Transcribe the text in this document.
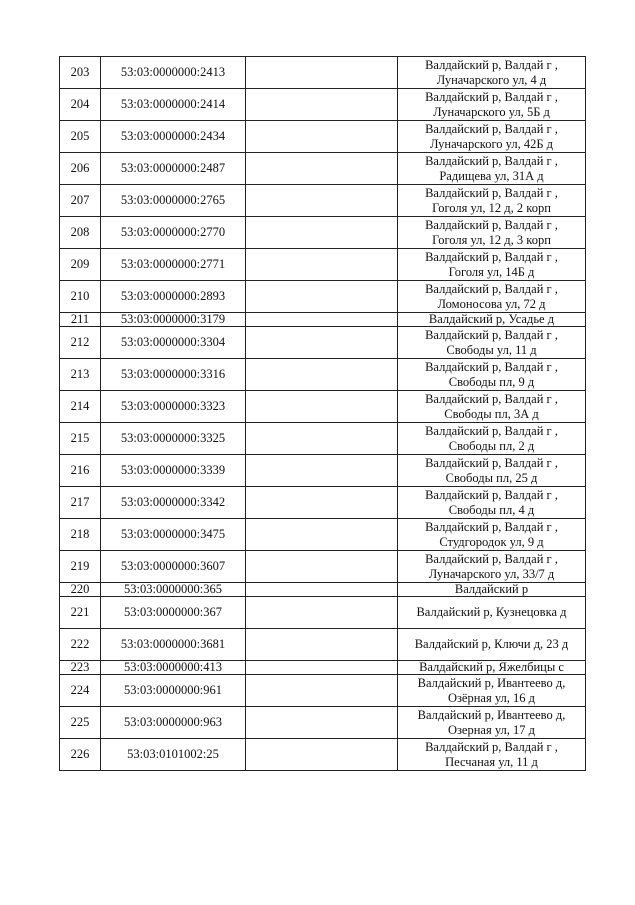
203	53:03:0000000:2413		Валдайский р, Валдай г ,
Луначарского ул, 4 д

204	53:03:0000000:2414		Валдайский р, Валдай г ,
Луначарского ул, 5Б д

205	53:03:0000000:2434		Валдайский р, Валдай г ,
Луначарского ул, 42Б д

206	53:03:0000000:2487		Валдайский р, Валдай г ,
Радищева ул, 31А д

207	53:03:0000000:2765		Валдайский р, Валдай г ,
Гоголя ул, 12 д, 2 корп

208	53:03:0000000:2770		Валдайский р, Валдай г ,
Гоголя ул, 12 д, 3 корп

209	53:03:0000000:2771		Валдайский р, Валдай г ,
Гоголя ул, 14Б д

210	53:03:0000000:2893		Валдайский р, Валдай г ,
Ломоносова ул, 72 д

211	53:03:0000000:3179		Валдайский р, Усадье д

212	53:03:0000000:3304		Валдайский р, Валдай г ,
Свободы ул, 11 д

213	53:03:0000000:3316		Валдайский р, Валдай г ,
Свободы пл, 9 д

214	53:03:0000000:3323		Валдайский р, Валдай г ,
Свободы пл, 3А д

215	53:03:0000000:3325		Валдайский р, Валдай г ,
Свободы пл, 2 д

216	53:03:0000000:3339		Валдайский р, Валдай г ,
Свободы пл, 25 д

217	53:03:0000000:3342		Валдайский р, Валдай г ,
Свободы пл, 4 д

218	53:03:0000000:3475		Валдайский р, Валдай г ,
Студгородок ул, 9 д

219	53:03:0000000:3607		Валдайский р, Валдай г ,
Луначарского ул, 33/7 д

220	53:03:0000000:365		Валдайский р

221	53:03:0000000:367		Валдайский р, Кузнецовка д

222	53:03:0000000:3681		Валдайский р, Ключи д, 23 д

223	53:03:0000000:413		Валдайский р, Яжелбицы с

224	53:03:0000000:961		Валдайский р, Ивантеево д,
Озёрная ул, 16 д

225	53:03:0000000:963		Валдайский р, Ивантеево д,
Озерная ул, 17 д

226	53:03:0101002:25		Валдайский р, Валдай г ,
Песчаная ул, 11 д
